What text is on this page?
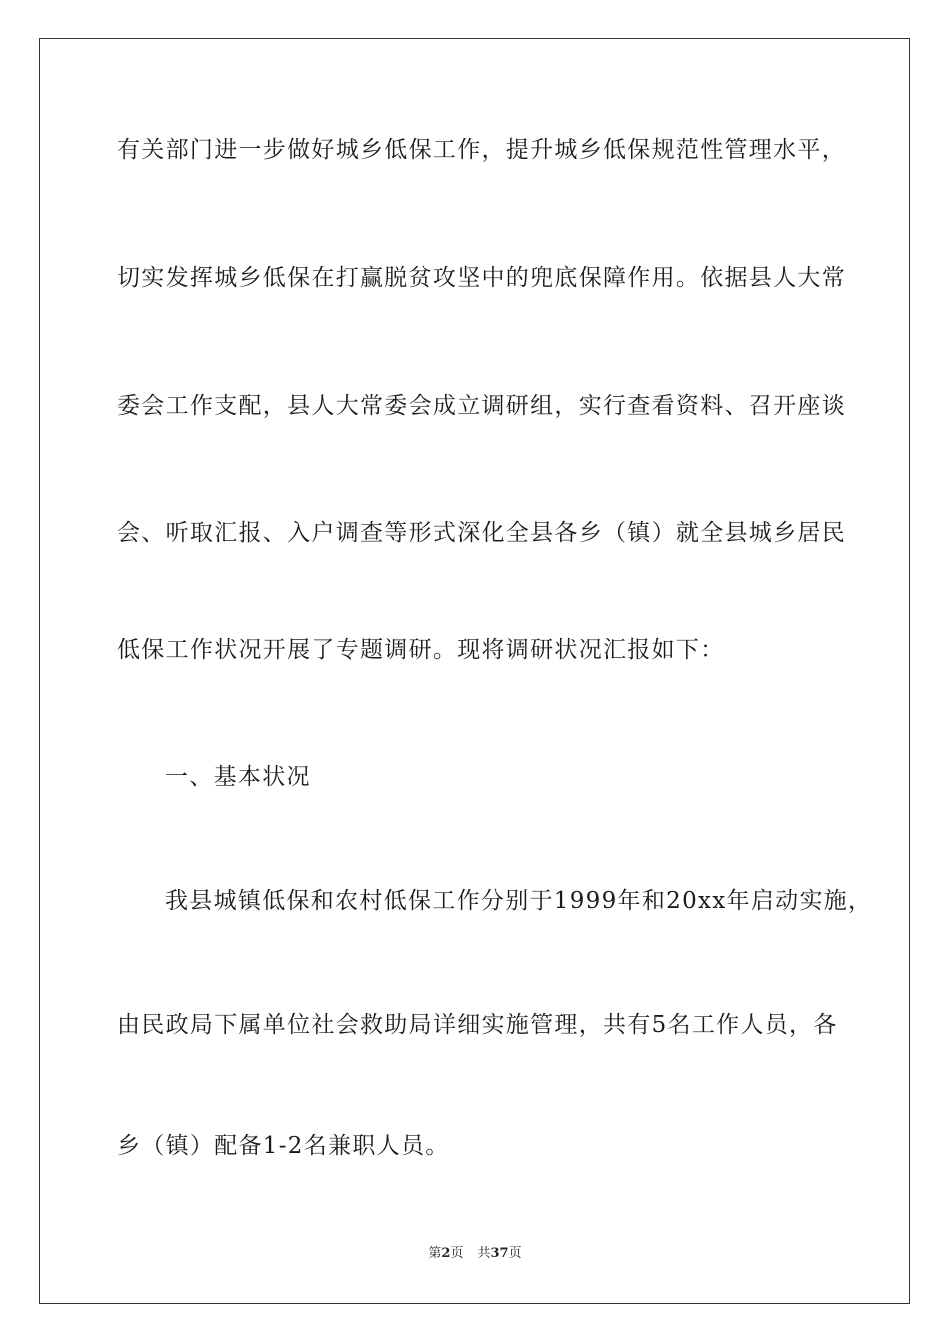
有关部门进一步做好城乡低保工作，提升城乡低保规范性管理水平，
切实发挥城乡低保在打赢脱贫攻坚中的兜底保障作用。依据县人大常
委会工作支配，县人大常委会成立调研组，实行查看资料、召开座谈
会、听取汇报、入户调查等形式深化全县各乡（镇）就全县城乡居民
低保工作状况开展了专题调研。现将调研状况汇报如下：
一、基本状况
我县城镇低保和农村低保工作分别于1999年和20xx年启动实施，
由民政局下属单位社会救助局详细实施管理，共有5名工作人员，各
乡（镇）配备1-2名兼职人员。
第2页 共37页
